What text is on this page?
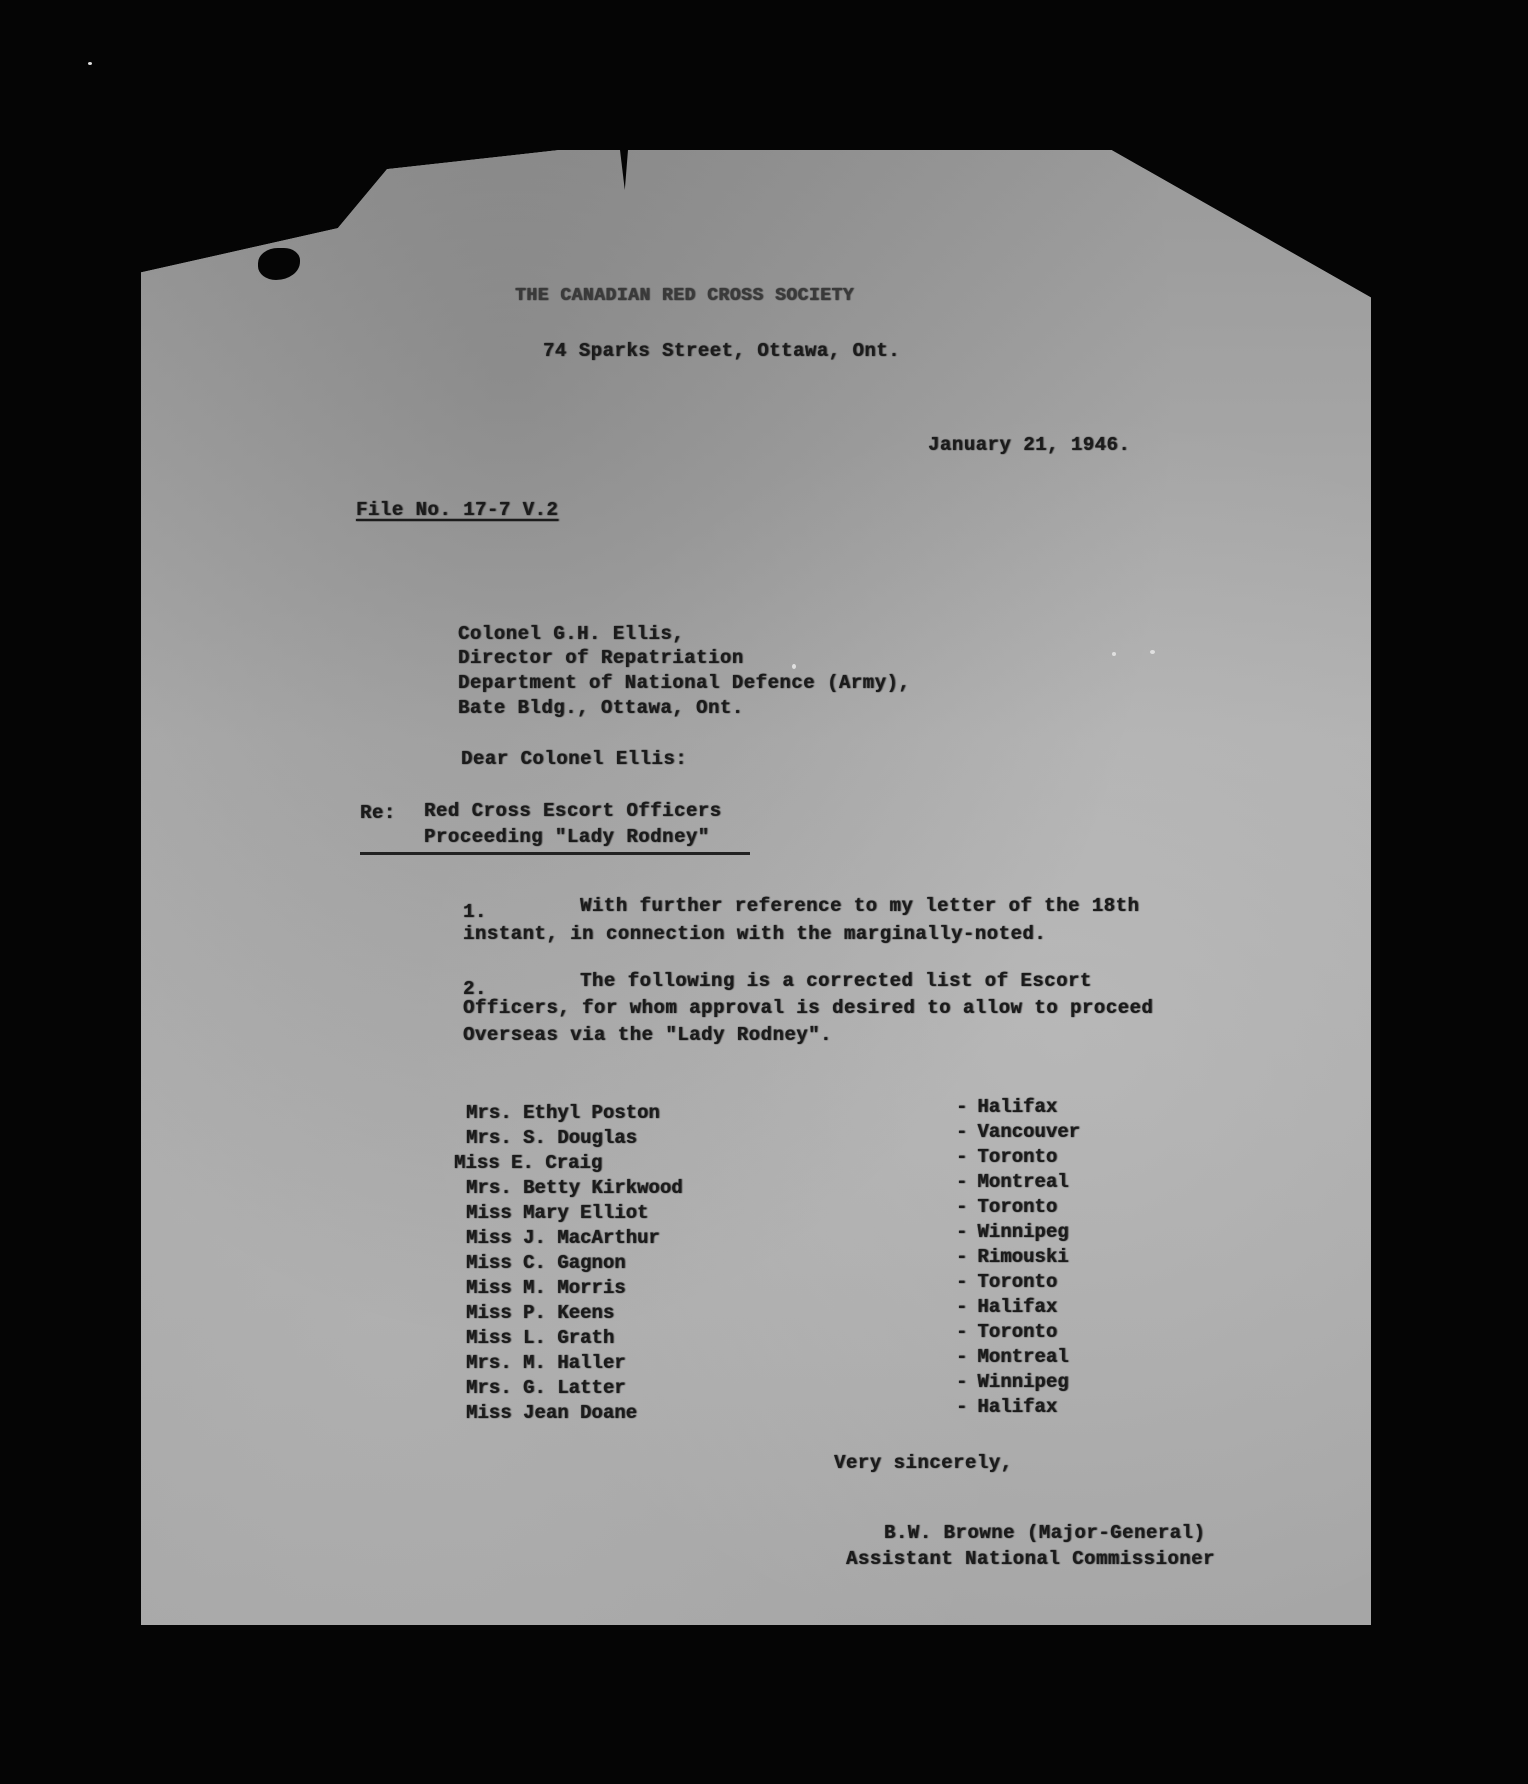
THE CANADIAN RED CROSS SOCIETY
74 Sparks Street, Ottawa, Ont.
January 21, 1946.
File No. 17-7 V.2
Colonel G.H. Ellis,
Director of Repatriation
Department of National Defence (Army),
Bate Bldg., Ottawa, Ont.
Dear Colonel Ellis:
Re: Red Cross Escort Officers
Proceeding "Lady Rodney"
1.	With further reference to my letter of the 18th
instant, in connection with the marginally-noted.
2.	The following is a corrected list of Escort
Officers, for whom approval is desired to allow to proceed
Overseas via the "Lady Rodney".
Mrs. Ethyl Poston	- Halifax
Mrs. S. Douglas	- Vancouver
Miss E. Craig	- Toronto
Mrs. Betty Kirkwood	- Montreal
Miss Mary Elliot	- Toronto
Miss J. MacArthur	- Winnipeg
Miss C. Gagnon	- Rimouski
Miss M. Morris	- Toronto
Miss P. Keens	- Halifax
Miss L. Grath	- Toronto
Mrs. M. Haller	- Montreal
Mrs. G. Latter	- Winnipeg
Miss Jean Doane	- Halifax
Very sincerely,
B.W. Browne (Major-General)
Assistant National Commissioner
